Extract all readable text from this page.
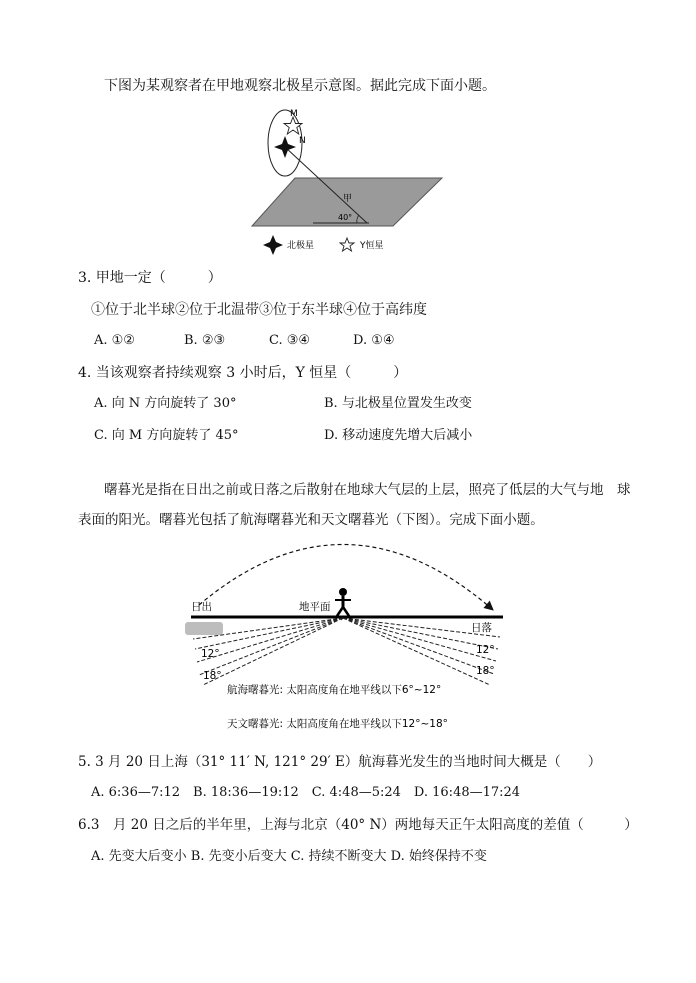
下图为某观察者在甲地观察北极星示意图。据此完成下面小题。
M
N
甲
40°
北极星	Y恒星
3. 甲地一定（　　　）
①位于北半球②位于北温带③位于东半球④位于高纬度
A. ①②	B. ②③	C. ③④	D. ①④
4. 当该观察者持续观察 3 小时后，Y 恒星（　　　）
A. 向 N 方向旋转了 30°	B. 与北极星位置发生改变
C. 向 M 方向旋转了 45°	D. 移动速度先增大后减小
曙暮光是指在日出之前或日落之后散射在地球大气层的上层，照亮了低层的大气与地　球
表面的阳光。曙暮光包括了航海曙暮光和天文曙暮光（下图）。完成下面小题。
日出	地平面
日落
12°
18°
12°
18°
航海曙暮光: 太阳高度角在地平线以下6°~12°
天文曙暮光: 太阳高度角在地平线以下12°~18°
5. 3 月 20 日上海（31° 11′ N, 121° 29′ E）航海暮光发生的当地时间大概是（　　）
A. 6:36—7:12　B. 18:36—19:12　C. 4:48—5:24　D. 16:48—17:24
6.3　月 20 日之后的半年里，上海与北京（40° N）两地每天正午太阳高度的差值（　　　）
A. 先变大后变小 B. 先变小后变大 C. 持续不断变大 D. 始终保持不变
